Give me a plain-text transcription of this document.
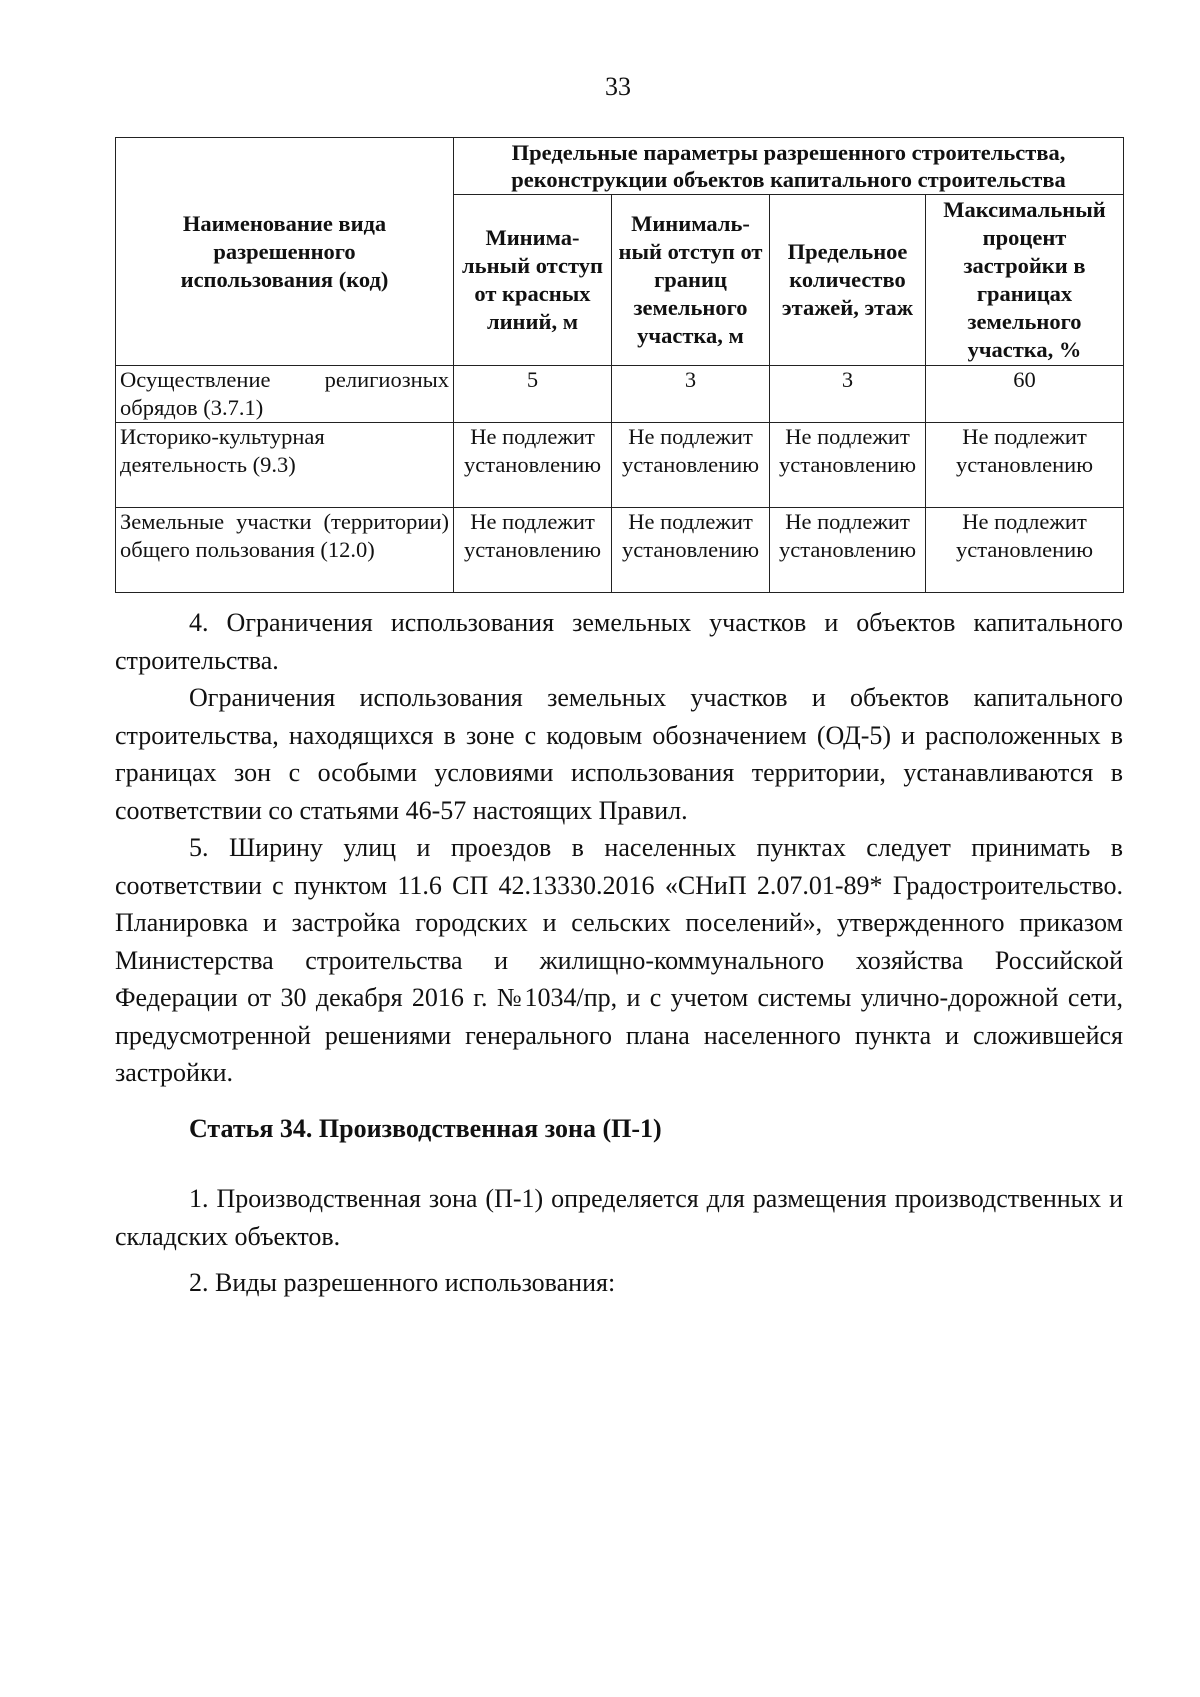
33
Наименование вида разрешенного использования (код)	Предельные параметры разрешенного строительства, реконструкции объектов капитального строительства			
	Минима-льный отступ от красных линий, м	Минималь-ный отступ от границ земельного участка, м	Предельное количество этажей, этаж	Максимальный процент застройки в границах земельного участка, %
Осуществление религиозных обрядов (3.7.1)	5	3	3	60
Историко-культурная деятельность (9.3)	Не подлежит установлению	Не подлежит установлению	Не подлежит установлению	Не подлежит установлению
Земельные участки (территории) общего пользования (12.0)	Не подлежит установлению	Не подлежит установлению	Не подлежит установлению	Не подлежит установлению

4. Ограничения использования земельных участков и объектов капитального строительства.

Ограничения использования земельных участков и объектов капитального строительства, находящихся в зоне с кодовым обозначением (ОД-5) и расположенных в границах зон с особыми условиями использования территории, устанавливаются в соответствии со статьями 46-57 настоящих Правил.

5. Ширину улиц и проездов в населенных пунктах следует принимать в соответствии с пунктом 11.6 СП 42.13330.2016 «СНиП 2.07.01-89* Градостроительство. Планировка и застройка городских и сельских поселений», утвержденного приказом Министерства строительства и жилищно-коммунального хозяйства Российской Федерации от 30 декабря 2016 г. №1034/пр, и с учетом системы улично-дорожной сети, предусмотренной решениями генерального плана населенного пункта и сложившейся застройки.

Статья 34. Производственная зона (П-1)

1. Производственная зона (П-1) определяется для размещения производственных и складских объектов.

2. Виды разрешенного использования:
